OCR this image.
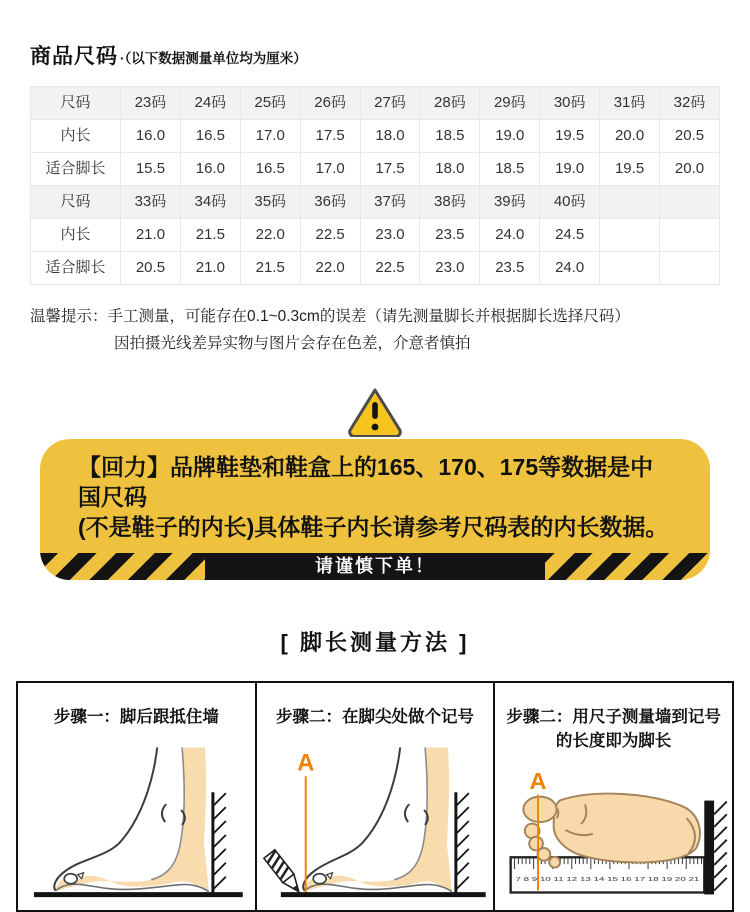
商品尺码 ·（以下数据测量单位均为厘米）
尺码	23码	24码	25码	26码	27码	28码	29码	30码	31码	32码
内长	16.0	16.5	17.0	17.5	18.0	18.5	19.0	19.5	20.0	20.5
适合脚长	15.5	16.0	16.5	17.0	17.5	18.0	18.5	19.0	19.5	20.0
尺码	33码	34码	35码	36码	37码	38码	39码	40码		
内长	21.0	21.5	22.0	22.5	23.0	23.5	24.0	24.5		
适合脚长	20.5	21.0	21.5	22.0	22.5	23.0	23.5	24.0		
温馨提示： 手工测量，可能存在0.1~0.3cm的误差（请先测量脚长并根据脚长选择尺码）
因拍摄光线差异实物与图片会存在色差，介意者慎拍
【回力】品牌鞋垫和鞋盒上的165、170、175等数据是中国尺码
(不是鞋子的内长)具体鞋子内长请参考尺码表的内长数据。
请谨慎下单！
[ 脚长测量方法 ]
步骤一：脚后跟抵住墙	步骤二：在脚尖处做个记号
A
步骤二：用尺子测量墙到记号
的长度即为脚长
7 8 9 10 11 12 13 14 15 16 17 18 19 20 21
A
